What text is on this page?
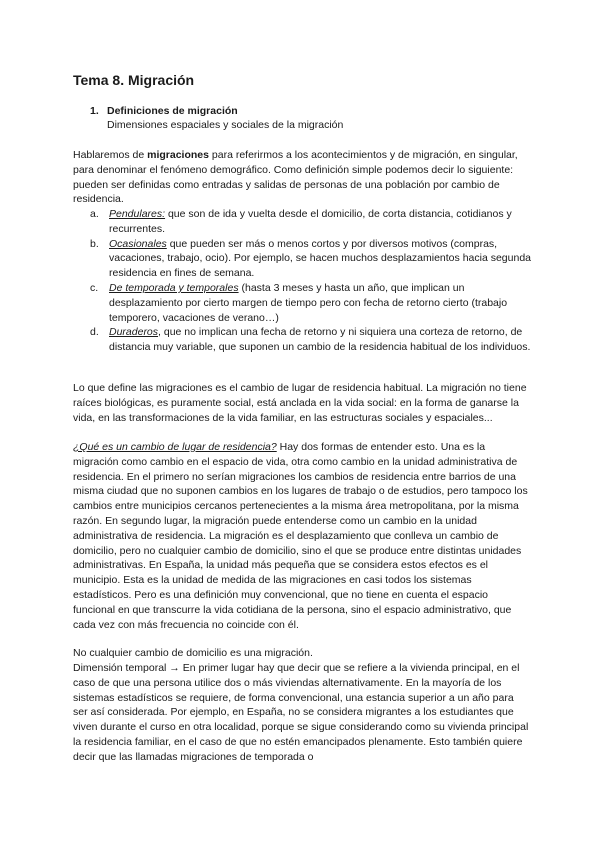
Tema 8. Migración
1. Definiciones de migración
Dimensiones espaciales y sociales de la migración

Hablaremos de migraciones para referirmos a los acontecimientos y de migración, en singular, para denominar el fenómeno demográfico. Como definición simple podemos decir lo siguiente: pueden ser definidas como entradas y salidas de personas de una población por cambio de residencia.

a. Pendulares: que son de ida y vuelta desde el domicilio, de corta distancia, cotidianos y recurrentes.
b. Ocasionales que pueden ser más o menos cortos y por diversos motivos (compras, vacaciones, trabajo, ocio). Por ejemplo, se hacen muchos desplazamientos hacia segunda residencia en fines de semana.
c. De temporada y temporales (hasta 3 meses y hasta un año, que implican un desplazamiento por cierto margen de tiempo pero con fecha de retorno cierto (trabajo temporero, vacaciones de verano…)
d. Duraderos, que no implican una fecha de retorno y ni siquiera una corteza de retorno, de distancia muy variable, que suponen un cambio de la residencia habitual de los individuos.

Lo que define las migraciones es el cambio de lugar de residencia habitual. La migración no tiene raíces biológicas, es puramente social, está anclada en la vida social: en la forma de ganarse la vida, en las transformaciones de la vida familiar, en las estructuras sociales y espaciales...

¿Qué es un cambio de lugar de residencia? Hay dos formas de entender esto. Una es la migración como cambio en el espacio de vida, otra como cambio en la unidad administrativa de residencia. En el primero no serían migraciones los cambios de residencia entre barrios de una misma ciudad que no suponen cambios en los lugares de trabajo o de estudios, pero tampoco los cambios entre municipios cercanos pertenecientes a la misma área metropolitana, por la misma razón. En segundo lugar, la migración puede entenderse como un cambio en la unidad administrativa de residencia. La migración es el desplazamiento que conlleva un cambio de domicilio, pero no cualquier cambio de domicilio, sino el que se produce entre distintas unidades administrativas. En España, la unidad más pequeña que se considera estos efectos es el municipio. Esta es la unidad de medida de las migraciones en casi todos los sistemas estadísticos. Pero es una definición muy convencional, que no tiene en cuenta el espacio funcional en que transcurre la vida cotidiana de la persona, sino el espacio administrativo, que cada vez con más frecuencia no coincide con él.

No cualquier cambio de domicilio es una migración.

Dimensión temporal → En primer lugar hay que decir que se refiere a la vivienda principal, en el caso de que una persona utilice dos o más viviendas alternativamente. En la mayoría de los sistemas estadísticos se requiere, de forma convencional, una estancia superior a un año para ser así considerada. Por ejemplo, en España, no se considera migrantes a los estudiantes que viven durante el curso en otra localidad, porque se sigue considerando como su vivienda principal la residencia familiar, en el caso de que no estén emancipados plenamente. Esto también quiere decir que las llamadas migraciones de temporada o
